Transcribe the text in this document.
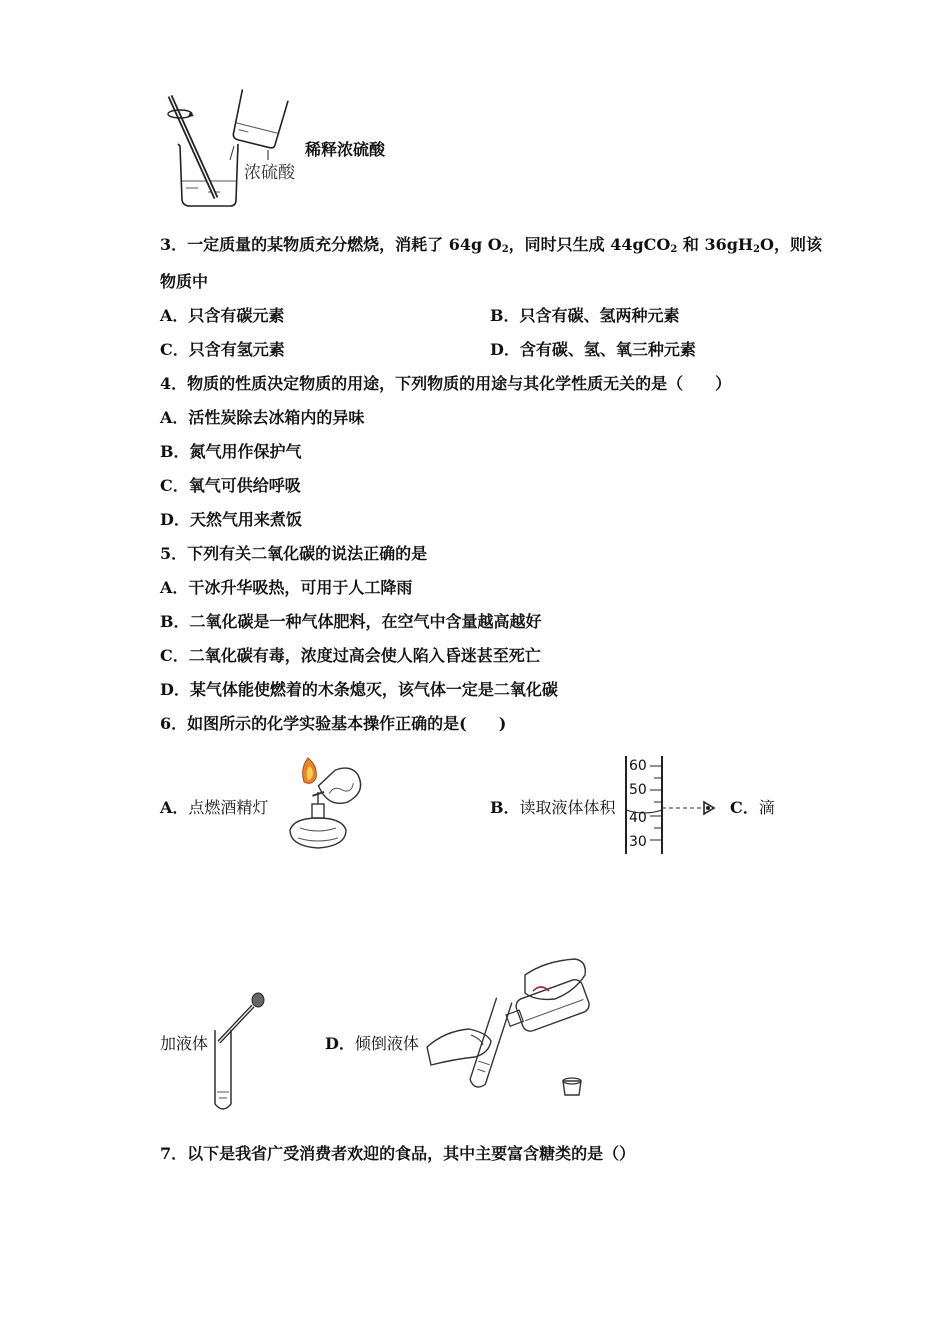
浓硫酸
稀释浓硫酸
3．一定质量的某物质充分燃烧，消耗了 64g $O_2$，同时只生成 44gCO$_2$ 和 $36gH_2O$，则该
物质中
A．只含有碳元素	B．只含有碳、氢两种元素
C．只含有氢元素	D．含有碳、氢、氧三种元素
4．物质的性质决定物质的用途，下列物质的用途与其化学性质无关的是（　　）
A．活性炭除去冰箱内的异味
B．氮气用作保护气
C．氧气可供给呼吸
D．天然气用来煮饭
5．下列有关二氧化碳的说法正确的是
A．干冰升华吸热，可用于人工降雨
B．二氧化碳是一种气体肥料，在空气中含量越高越好
C．二氧化碳有毒，浓度过高会使人陷入昏迷甚至死亡
D．某气体能使燃着的木条熄灭，该气体一定是二氧化碳
6．如图所示的化学实验基本操作正确的是(　　)
A．点燃酒精灯	B．读取液体体积
60
50
40
30
C．滴
加液体	D．倾倒液体
7．以下是我省广受消费者欢迎的食品，其中主要富含糖类的是（）
